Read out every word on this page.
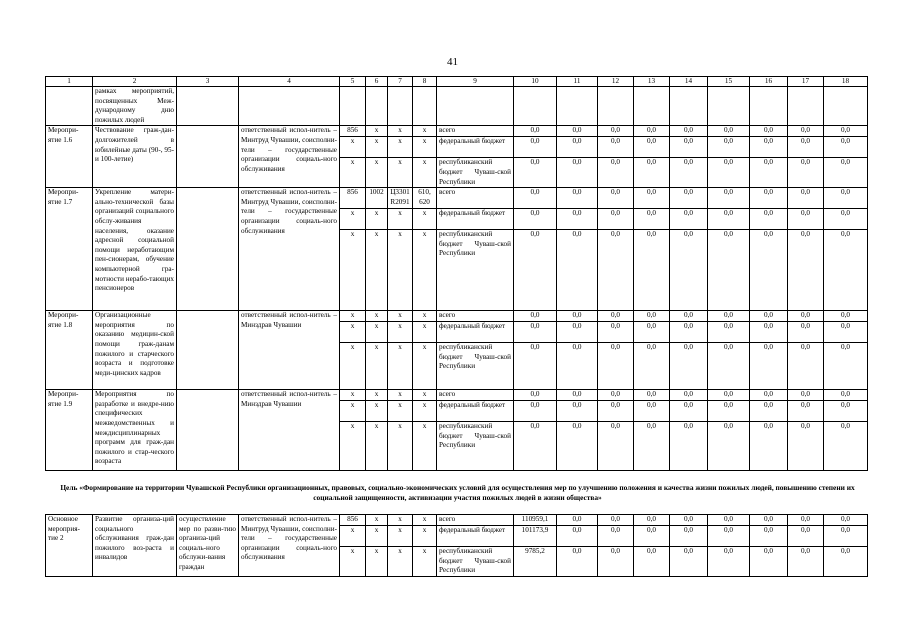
41
1	2	3	4	5	6	7	8	9	10	11	12	13	14	15	16	17	18
	рамках мероприятий, посвященных Меж-дународному дню пожилых людей																
Меропри-ятие 1.6	Чествование граж-дан-долгожителей в юбилейные даты (90-, 95- и 100-летие)		ответственный испол-нитель – Минтруд Чувашии, соисполни-тели – государственные организации социаль-ного обслуживания	856	x	x	x	всего	0,0	0,0	0,0	0,0	0,0	0,0	0,0	0,0	0,0
				x	x	x	x	федеральный бюджет	0,0	0,0	0,0	0,0	0,0	0,0	0,0	0,0	0,0
				x	x	x	x	республиканский бюджет Чуваш-ской Республики	0,0	0,0	0,0	0,0	0,0	0,0	0,0	0,0	0,0
Меропри-ятие 1.7	Укрепление матери-ально-технической базы организаций социального обслу-живания населения, оказание адресной социальной помощи неработающим пен-сионерам, обучение компьютерной гра-мотности нерабо-тающих пенсионеров		ответственный испол-нитель – Минтруд Чувашии, соисполни-тели – государственные организации социаль-ного обслуживания	856	1002	Ц3301 R2091	610, 620	всего	0,0	0,0	0,0	0,0	0,0	0,0	0,0	0,0	0,0
				x	x	x	x	федеральный бюджет	0,0	0,0	0,0	0,0	0,0	0,0	0,0	0,0	0,0
				x	x	x	x	республиканский бюджет Чуваш-ской Республики	0,0	0,0	0,0	0,0	0,0	0,0	0,0	0,0	0,0
Меропри-ятие 1.8	Организационные мероприятия по оказанию медицин-ской помощи граж-данам пожилого и старческого возраста и подготовке меди-цинских кадров		ответственный испол-нитель – Минздрав Чувашии	x	x	x	x	всего	0,0	0,0	0,0	0,0	0,0	0,0	0,0	0,0	0,0
				x	x	x	x	федеральный бюджет	0,0	0,0	0,0	0,0	0,0	0,0	0,0	0,0	0,0
				x	x	x	x	республиканский бюджет Чуваш-ской Республики	0,0	0,0	0,0	0,0	0,0	0,0	0,0	0,0	0,0
Меропри-ятие 1.9	Мероприятия по разработке и внедре-нию специфических межведомственных и междисциплинарных программ для граж-дан пожилого и стар-ческого возраста		ответственный испол-нитель – Минздрав Чувашии	x	x	x	x	всего	0,0	0,0	0,0	0,0	0,0	0,0	0,0	0,0	0,0
				x	x	x	x	федеральный бюджет	0,0	0,0	0,0	0,0	0,0	0,0	0,0	0,0	0,0
				x	x	x	x	республиканский бюджет Чуваш-ской Республики	0,0	0,0	0,0	0,0	0,0	0,0	0,0	0,0	0,0
Цель «Формирование на территории Чувашской Республики организационных, правовых, социально-экономических условий для осуществления мер по улучшению положения и качества жизни пожилых людей, повышению степени их социальной защищенности, активизации участия пожилых людей в жизни общества»
Основное мероприя-тие 2	Развитие организа-ций социального обслуживания граж-дан пожилого воз-раста и инвалидов	осуществление мер по разви-тию организа-ций социаль-ного обслужи-вания граждан	ответственный испол-нитель – Минтруд Чувашии, соисполни-тели – государственные организации социаль-ного обслуживания	856	x	x	x	всего	110959,1	0,0	0,0	0,0	0,0	0,0	0,0	0,0	0,0
				x	x	x	x	федеральный бюджет	101173,9	0,0	0,0	0,0	0,0	0,0	0,0	0,0	0,0
				x	x	x	x	республиканский бюджет Чуваш-ской Республики	9785,2	0,0	0,0	0,0	0,0	0,0	0,0	0,0	0,0
